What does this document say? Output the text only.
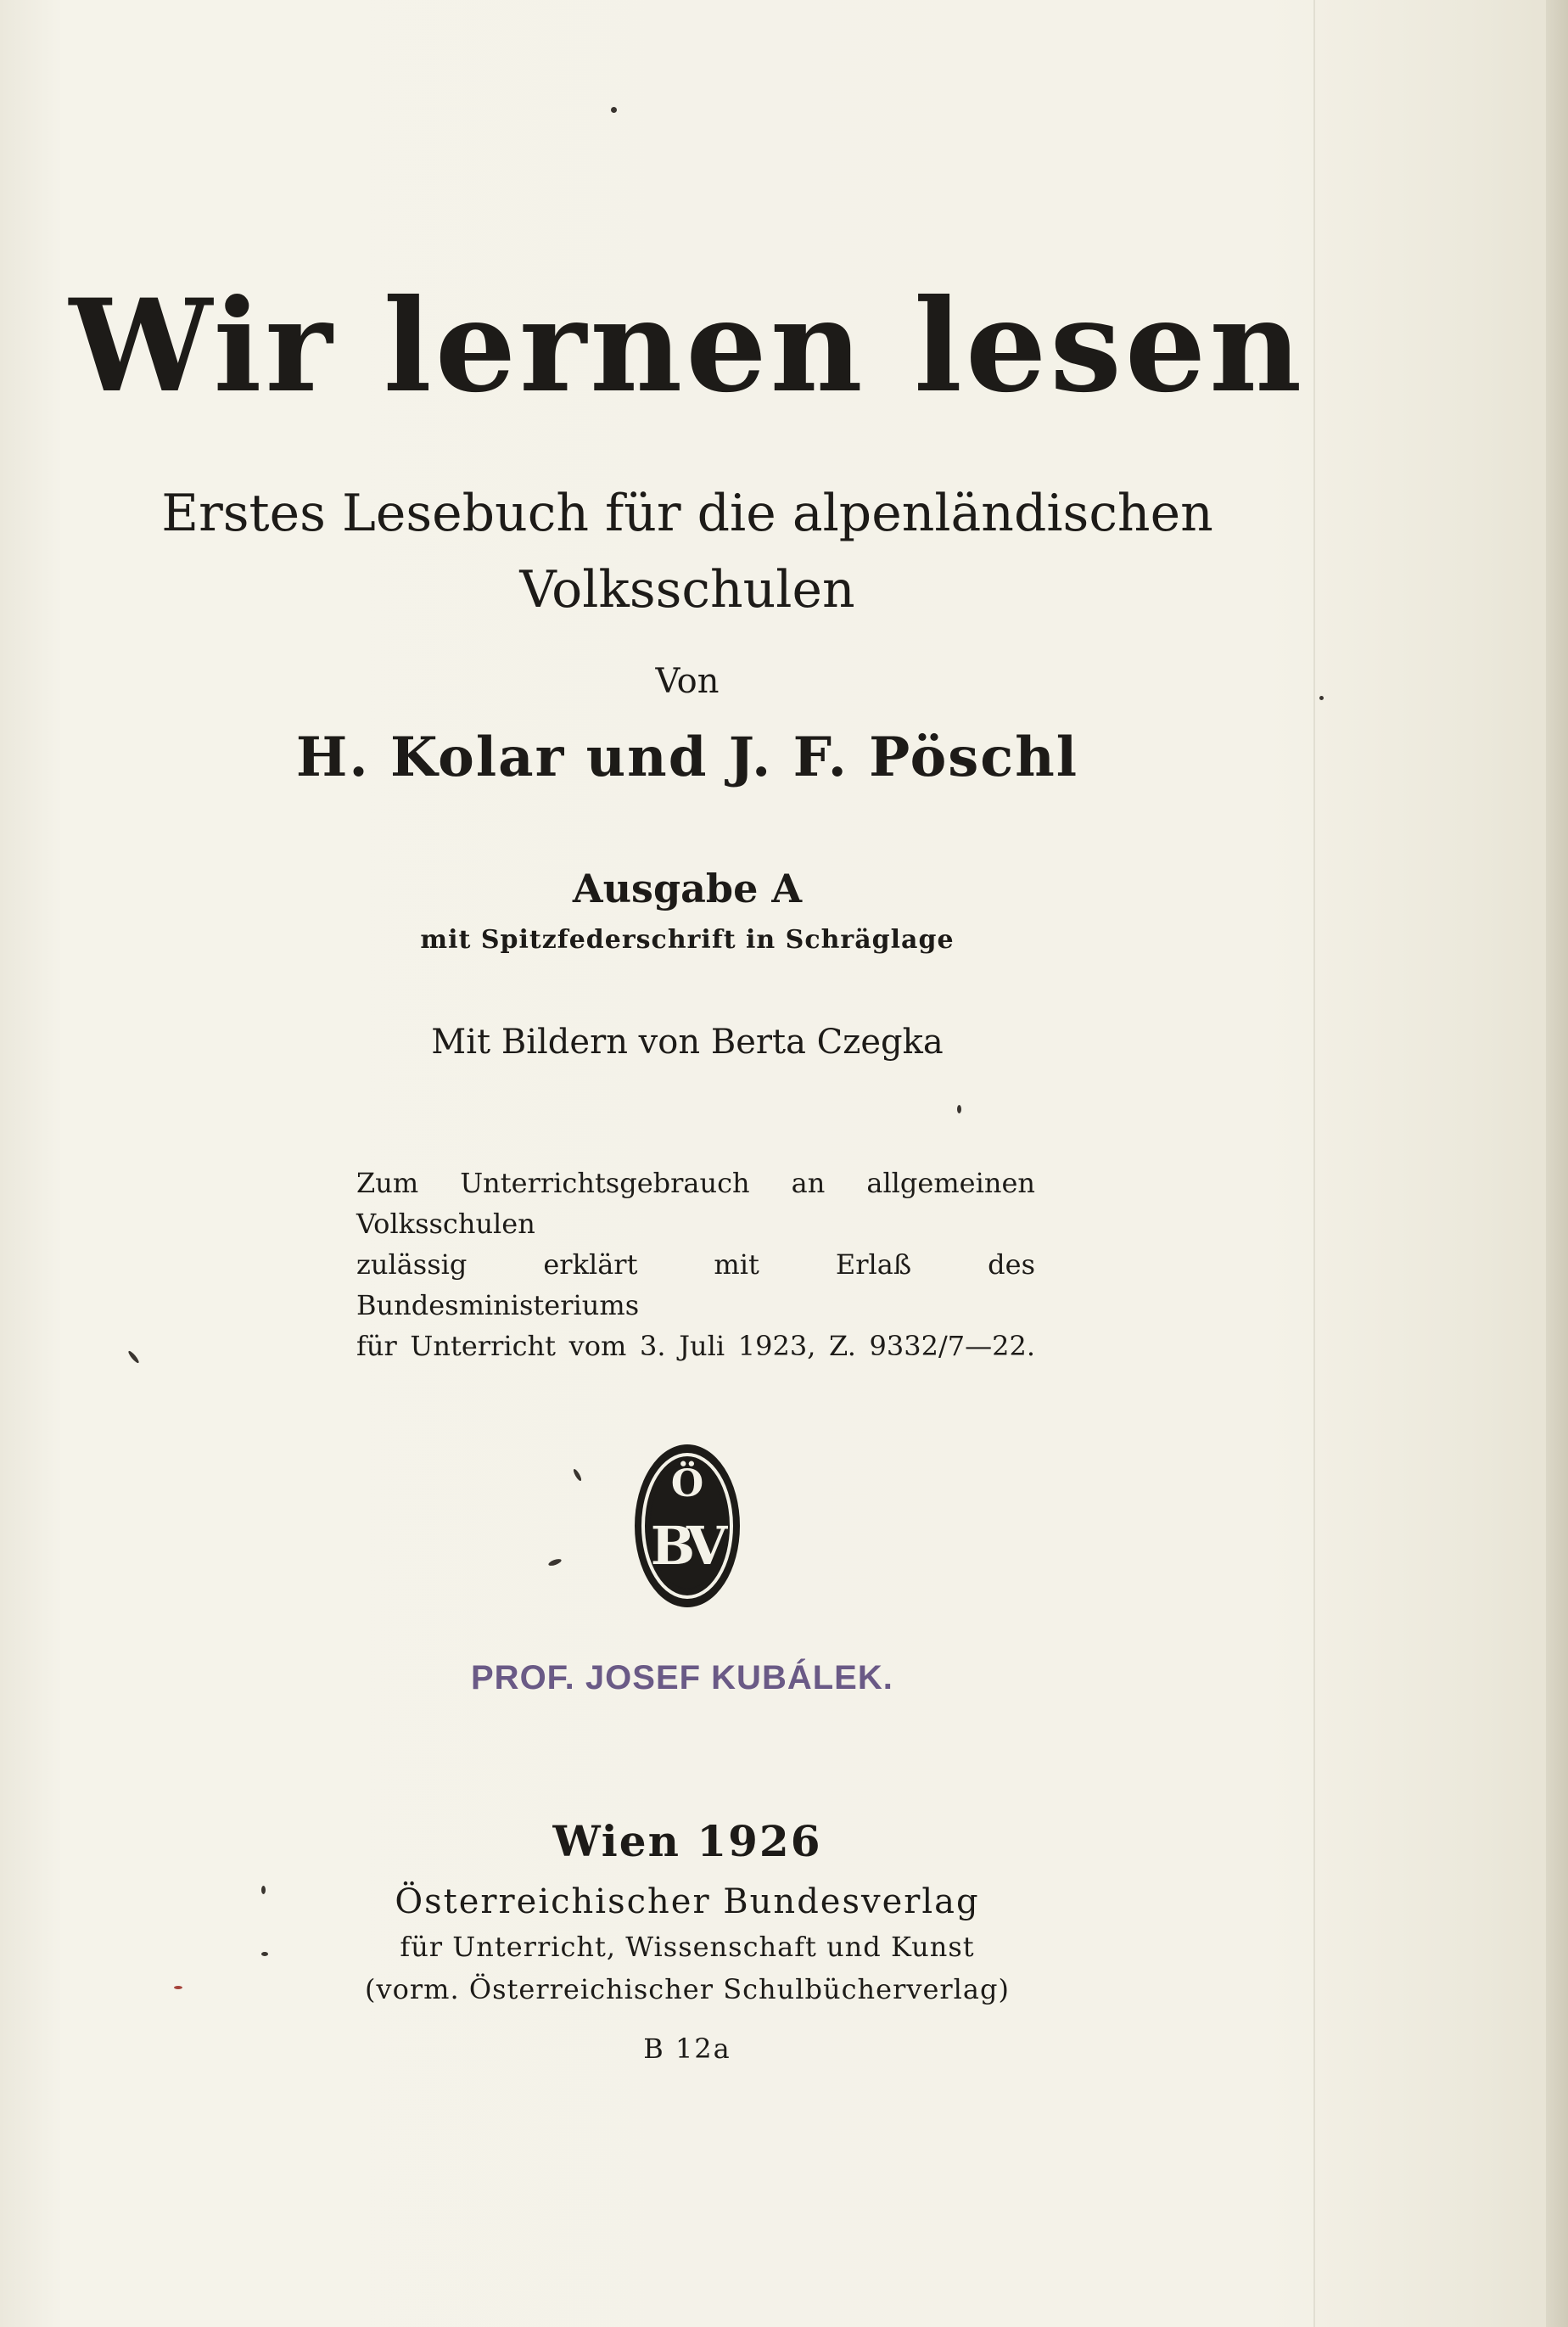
Wir lernen lesen
Erstes Lesebuch für die alpenländischen
Volksschulen
Von
H. Kolar und J. F. Pöschl
Ausgabe A
mit Spitzfederschrift in Schräglage
Mit Bildern von Berta Czegka
Zum Unterrichtsgebrauch an allgemeinen Volksschulen
zulässig erklärt mit Erlaß des Bundesministeriums
für Unterricht vom 3. Juli 1923, Z. 9332/7—22.
Ö
B
V
PROF. JOSEF KUBÁLEK.
Wien 1926
Österreichischer Bundesverlag
für Unterricht, Wissenschaft und Kunst
(vorm. Österreichischer Schulbücherverlag)
B 12a
